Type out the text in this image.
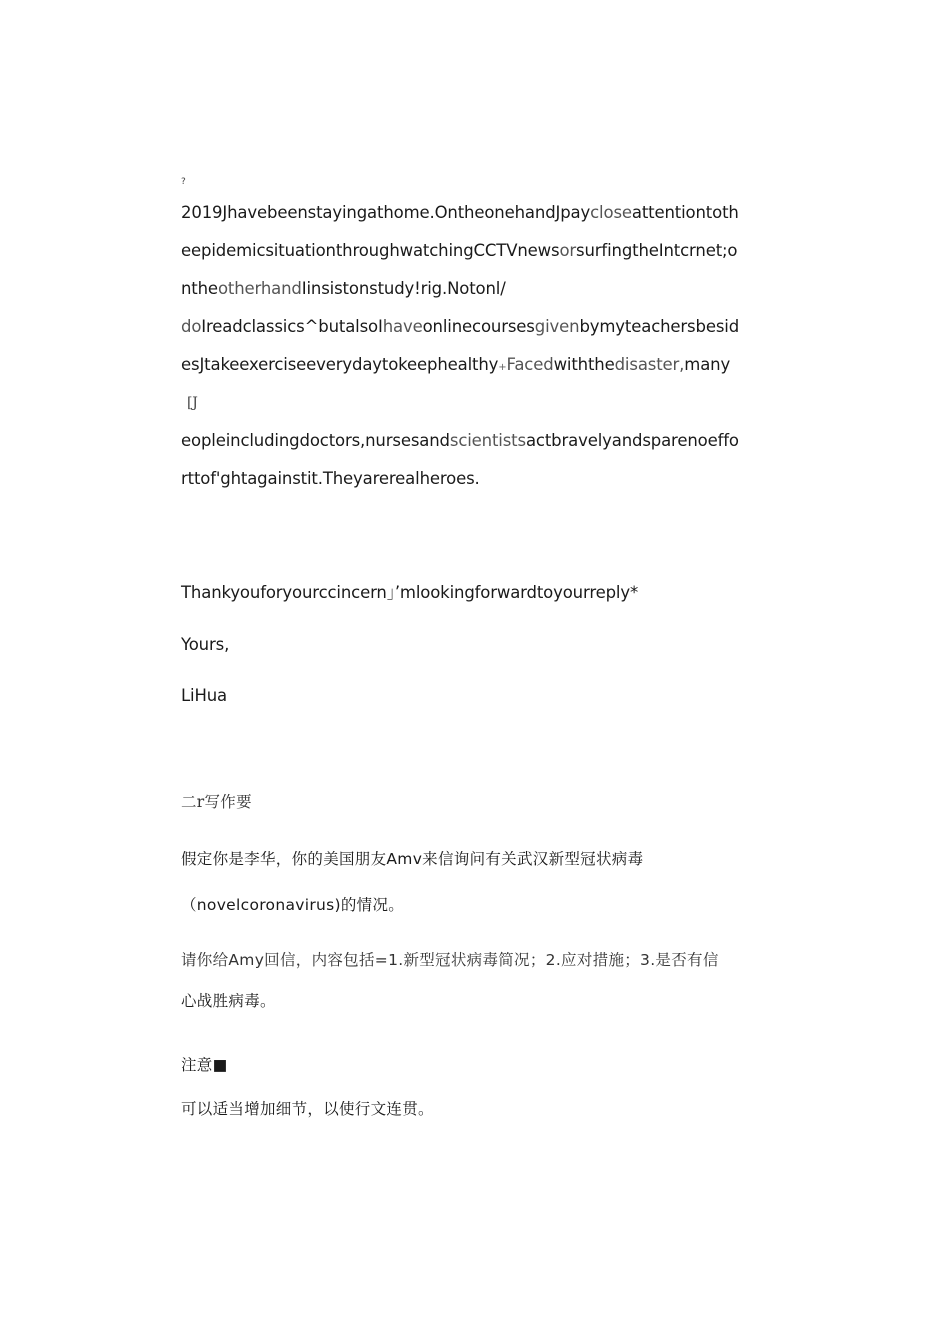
?
2019Jhavebeenstayingathome.OntheonehandJpaycloseattentiontoth
eepidemicsituationthroughwatchingCCTVnewsorsurfingtheIntcrnet;o
ntheotherhandIinsistonstudy!rig.Notonl/
doIreadclassics^butalsoIhaveonlinecoursesgivenbymyteachersbesid
esJtakeexerciseeverydaytokeephealthy+Facedwiththedisaster,many
[J
eopleincludingdoctors,nursesandscientistsactbravelyandsparenoeffo
rttof'ghtagainstit.Theyarerealheroes.
Thankyouforyourccincern」’mlookingforwardtoyourreply*
Yours,
LiHua
二r写作要
假定你是李华，你的美国朋友Amv来信询问有关武汉新型冠状病毒
（novelcoronavirus)的情况。
请你给Amy回信，内容包括=1.新型冠状病毒简况；2.应对措施；3.是否有信
心战胜病毒。
注意■
可以适当增加细节，以使行文连贯。
